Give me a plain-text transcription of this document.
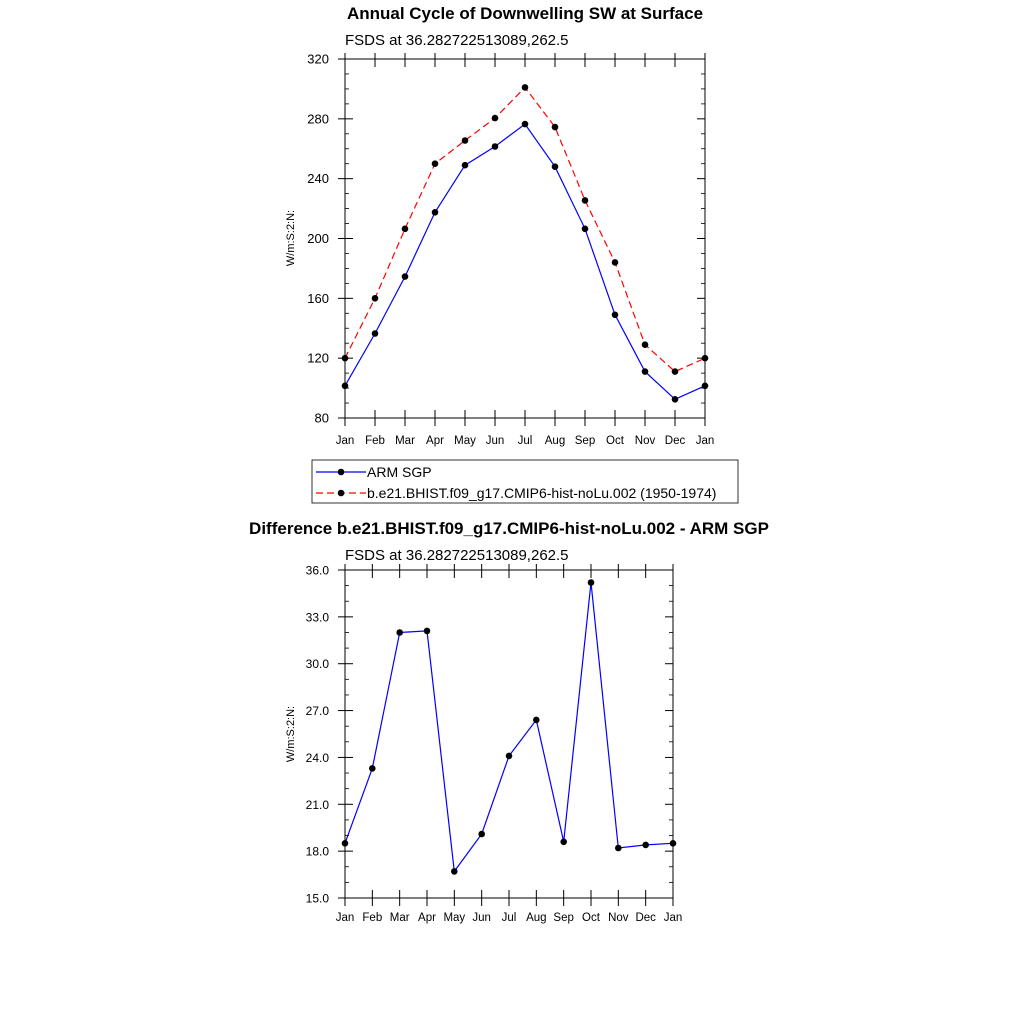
Annual Cycle of Downwelling SW at Surface
FSDS at 36.282722513089,262.5
80
120
160
200
240
280
320
Jan Feb Mar Apr May Jun Jul Aug Sep Oct Nov Dec Jan
W/m:S:2:N:
ARM SGP
b.e21.BHIST.f09_g17.CMIP6-hist-noLu.002 (1950-1974)
Difference b.e21.BHIST.f09_g17.CMIP6-hist-noLu.002 - ARM SGP
FSDS at 36.282722513089,262.5
15.0
18.0
21.0
24.0
27.0
30.0
33.0
36.0
Jan Feb Mar Apr May Jun Jul Aug Sep Oct Nov Dec Jan
W/m:S:2:N:
